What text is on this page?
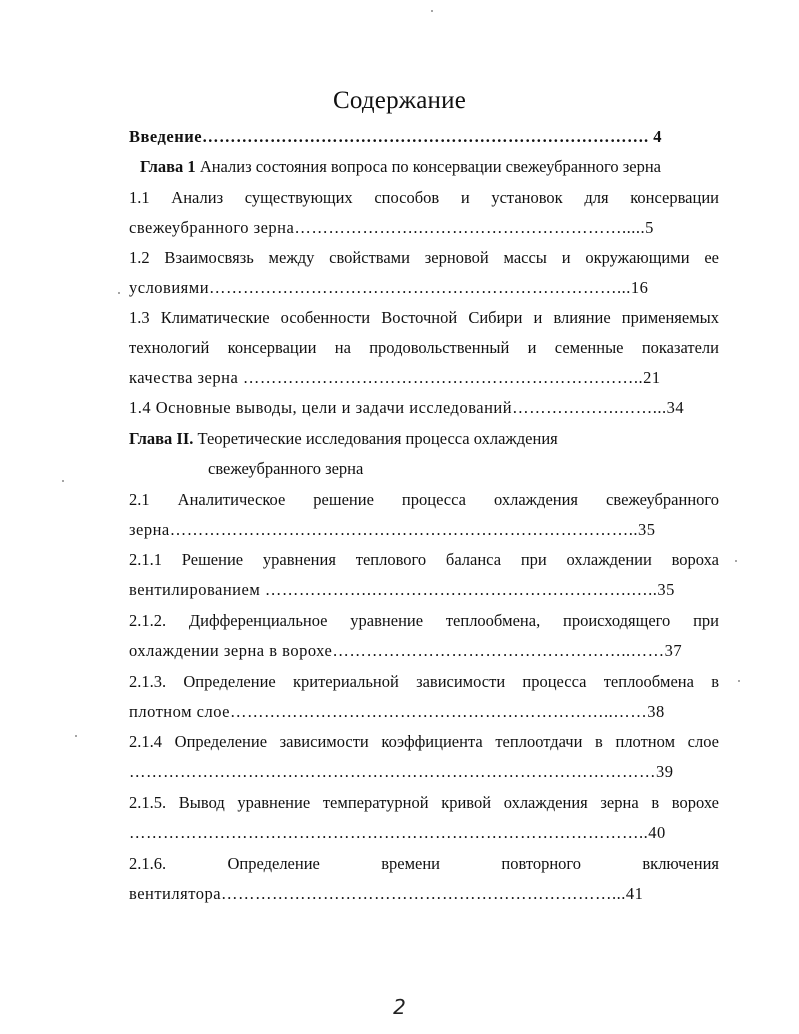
Содержание
Введение……………………………………………………………………. 4
Глава 1 Анализ состояния вопроса по консервации свежеубранного зерна
1.1 Анализ существующих способов и установок для консервации
свежеубранного зерна………………….……………………………….....5
1.2 Взаимосвязь между свойствами зерновой массы и окружающими ее
условиями………………………………………………………………...16
1.3 Климатические особенности Восточной Сибири и влияние применяемых
технологий консервации на продовольственный и семенные показатели
качества зерна ……………………………………………………………..21
1.4 Основные выводы, цели и задачи исследований……………….……...34
Глава II. Теоретические исследования процесса охлаждения
свежеубранного зерна
2.1 Аналитическое решение процесса охлаждения свежеубранного
зерна………………………………………………………………………..35
2.1.1 Решение уравнения теплового баланса при охлаждении вороха
вентилированием ……………….……………………………………….…..35
2.1.2. Дифференциальное уравнение теплообмена, происходящего при
охлаждении зерна в ворохе……………………………………………..……37
2.1.3. Определение критериальной зависимости процесса теплообмена в
плотном слое…………………………………………………………..……38
2.1.4 Определение зависимости коэффициента теплоотдачи в плотном слое
…………………………………………………………………………………39
2.1.5. Вывод уравнение температурной кривой охлаждения зерна в ворохе
………………………………………………………………………………..40
2.1.6. Определение времени повторного включения
вентилятора……………………………………………………………...41
2
